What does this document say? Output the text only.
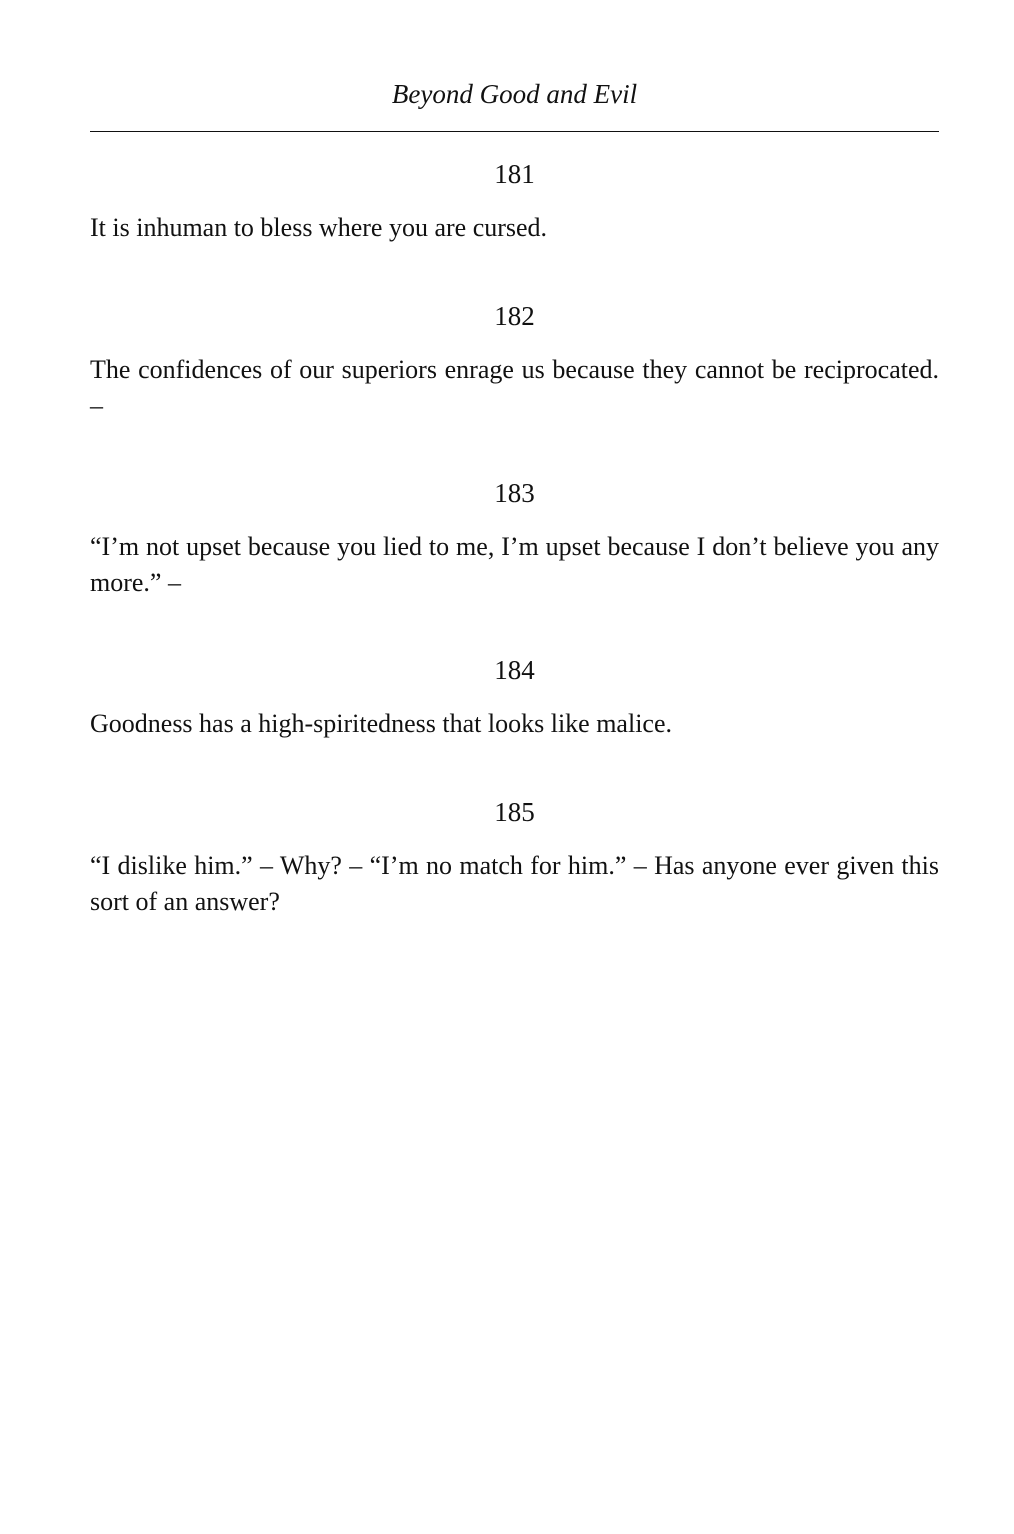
Beyond Good and Evil
181

It is inhuman to bless where you are cursed.

182

The confidences of our superiors enrage us because they cannot be reciprocated. –

183

“I’m not upset because you lied to me, I’m upset because I don’t believe you any more.” –

184

Goodness has a high-spiritedness that looks like malice.

185

“I dislike him.” – Why? – “I’m no match for him.” – Has anyone ever given this sort of an answer?
